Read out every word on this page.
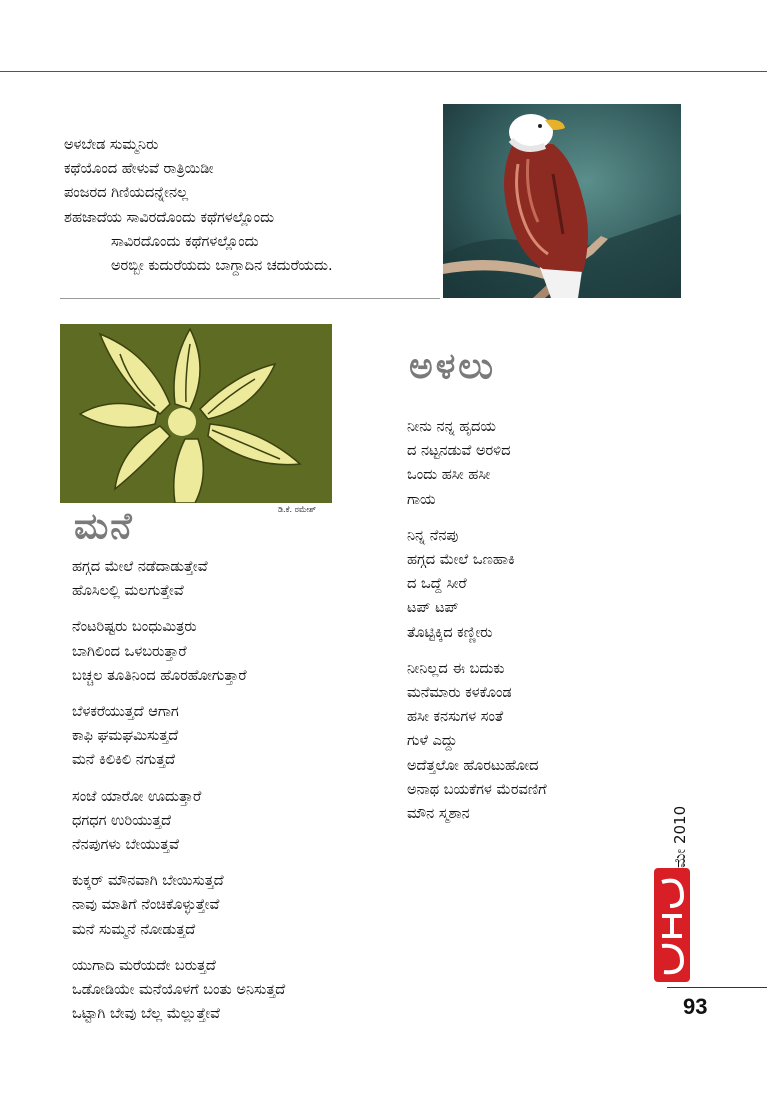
ಅಳಬೇಡ ಸುಮ್ಮನಿರು
ಕಥೆಯೊಂದ ಹೇಳುವೆ ರಾತ್ರಿಯಿಡೀ
ಪಂಜರದ ಗಿಣಿಯದನ್ನೇನಲ್ಲ
ಶಹಜಾದೆಯ ಸಾವಿರದೊಂದು ಕಥೆಗಳಲ್ಲೊಂದು
ಸಾವಿರದೊಂದು ಕಥೆಗಳಲ್ಲೊಂದು
ಅರಬ್ಬೀ ಕುದುರೆಯದು ಬಾಗ್ದಾದಿನ ಚದುರೆಯದು.
ಡಿ.ಕೆ. ರಮೇಶ್
ಮನೆ
ಹಗ್ಗದ ಮೇಲೆ ನಡೆದಾಡುತ್ತೇವೆ
ಹೊಸಿಲಲ್ಲಿ ಮಲಗುತ್ತೇವೆ
ನೆಂಟರಿಷ್ಟರು ಬಂಧುಮಿತ್ರರು
ಬಾಗಿಲಿಂದ ಒಳಬರುತ್ತಾರೆ
ಬಚ್ಚಲ ತೂತಿನಿಂದ ಹೊರಹೋಗುತ್ತಾರೆ
ಬೆಳಕರೆಯುತ್ತದೆ ಆಗಾಗ
ಕಾಫಿ ಘಮಘಮಿಸುತ್ತದೆ
ಮನೆ ಕಿಲಿಕಿಲಿ ನಗುತ್ತದೆ
ಸಂಜೆ ಯಾರೋ ಊದುತ್ತಾರೆ
ಧಗಧಗ ಉರಿಯುತ್ತದೆ
ನೆನಪುಗಳು ಬೇಯುತ್ತವೆ
ಕುಕ್ಕರ್ ಮೌನವಾಗಿ ಬೇಯಿಸುತ್ತದೆ
ನಾವು ಮಾತಿಗೆ ನೆಂಚಿಕೊಳ್ಳುತ್ತೇವೆ
ಮನೆ ಸುಮ್ಮನೆ ನೋಡುತ್ತದೆ
ಯುಗಾದಿ ಮರೆಯದೇ ಬರುತ್ತದೆ
ಒಡೋಡಿಯೇ ಮನೆಯೊಳಗೆ ಬಂತು ಅನಿಸುತ್ತದೆ
ಒಟ್ಟಾಗಿ ಬೇವು ಬೆಲ್ಲ ಮೆಲ್ಲುತ್ತೇವೆ
ಅಳಲು
ನೀನು ನನ್ನ ಹೃದಯ
ದ ನಟ್ಟನಡುವೆ ಅರಳಿದ
ಒಂದು ಹಸೀ ಹಸೀ
ಗಾಯ
ನಿನ್ನ ನೆನಪು
ಹಗ್ಗದ ಮೇಲೆ ಒಣಹಾಕಿ
ದ ಒದ್ದೆ ಸೀರೆ
ಟಪ್ ಟಪ್
ತೊಟ್ಟಿಕ್ಕಿದ ಕಣ್ಣೀರು
ನೀನಿಲ್ಲದ ಈ ಬದುಕು
ಮನೆಮಾರು ಕಳಕೊಂಡ
ಹಸೀ ಕನಸುಗಳ ಸಂತೆ
ಗುಳೆ ಎದ್ದು
ಅದೆತ್ತಲೋ ಹೊರಟುಹೋದ
ಅನಾಥ ಬಯಕೆಗಳ ಮೆರವಣಿಗೆ
ಮೌನ ಸ್ಮಶಾನ	ಮೇ 2010
93
